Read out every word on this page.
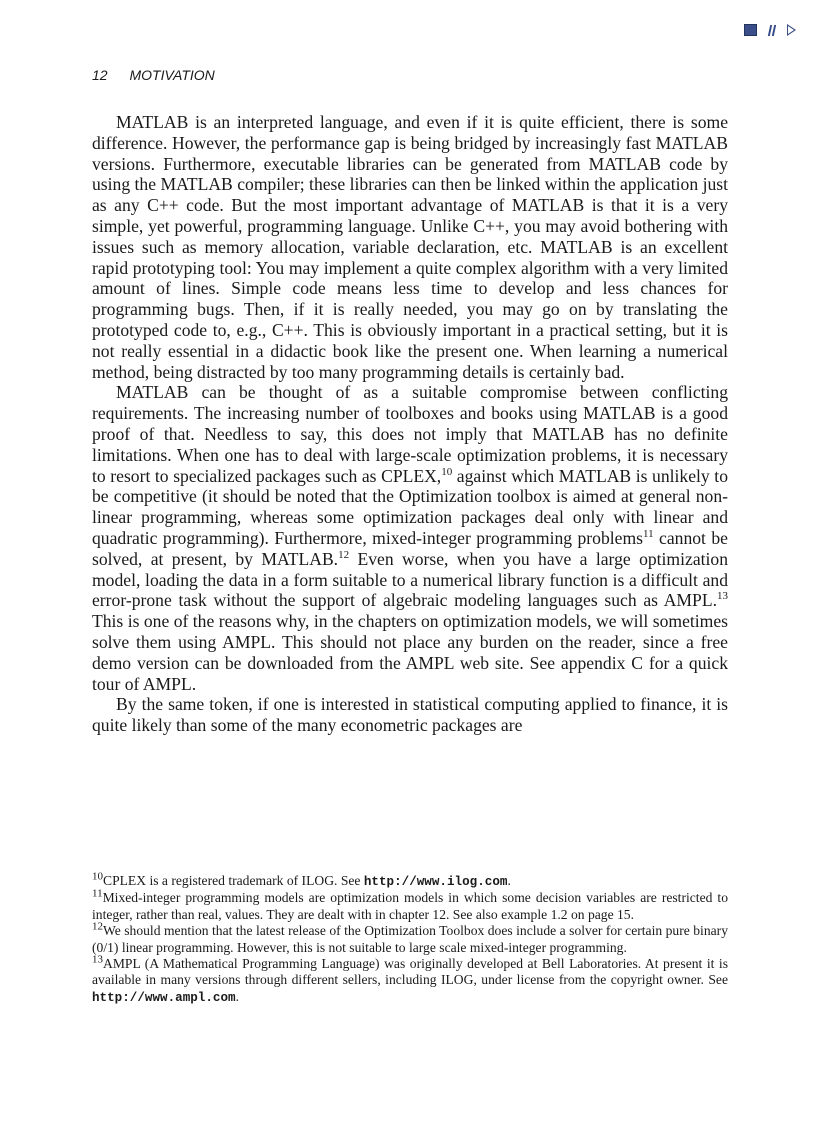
12 MOTIVATION

MATLAB is an interpreted language, and even if it is quite efficient, there is some difference. However, the performance gap is being bridged by increasingly fast MATLAB versions. Furthermore, executable libraries can be generated from MATLAB code by using the MATLAB compiler; these libraries can then be linked within the application just as any C++ code. But the most important advantage of MATLAB is that it is a very simple, yet powerful, programming language. Unlike C++, you may avoid bothering with issues such as memory allocation, variable declaration, etc. MATLAB is an excellent rapid prototyping tool: You may implement a quite complex algorithm with a very limited amount of lines. Simple code means less time to develop and less chances for programming bugs. Then, if it is really needed, you may go on by translating the prototyped code to, e.g., C++. This is obviously important in a practical setting, but it is not really essential in a didactic book like the present one. When learning a numerical method, being distracted by too many programming details is certainly bad.

MATLAB can be thought of as a suitable compromise between conflicting requirements. The increasing number of toolboxes and books using MATLAB is a good proof of that. Needless to say, this does not imply that MATLAB has no definite limitations. When one has to deal with large-scale optimization problems, it is necessary to resort to specialized packages such as CPLEX,$^{10}$ against which MATLAB is unlikely to be competitive (it should be noted that the Optimization toolbox is aimed at general non-linear programming, whereas some optimization packages deal only with linear and quadratic programming). Furthermore, mixed-integer programming problems$^{11}$ cannot be solved, at present, by MATLAB.$^{12}$ Even worse, when you have a large optimization model, loading the data in a form suitable to a numerical library function is a difficult and error-prone task without the support of algebraic modeling languages such as AMPL.$^{13}$ This is one of the reasons why, in the chapters on optimization models, we will sometimes solve them using AMPL. This should not place any burden on the reader, since a free demo version can be downloaded from the AMPL web site. See appendix C for a quick tour of AMPL.

By the same token, if one is interested in statistical computing applied to finance, it is quite likely than some of the many econometric packages are

$^{10}$CPLEX is a registered trademark of ILOG. See http://www.ilog.com.

$^{11}$Mixed-integer programming models are optimization models in which some decision variables are restricted to integer, rather than real, values. They are dealt with in chapter 12. See also example 1.2 on page 15.

$^{12}$We should mention that the latest release of the Optimization Toolbox does include a solver for certain pure binary (0/1) linear programming. However, this is not suitable to large scale mixed-integer programming.

$^{13}$AMPL (A Mathematical Programming Language) was originally developed at Bell Laboratories. At present it is available in many versions through different sellers, including ILOG, under license from the copyright owner. See http://www.ampl.com.
